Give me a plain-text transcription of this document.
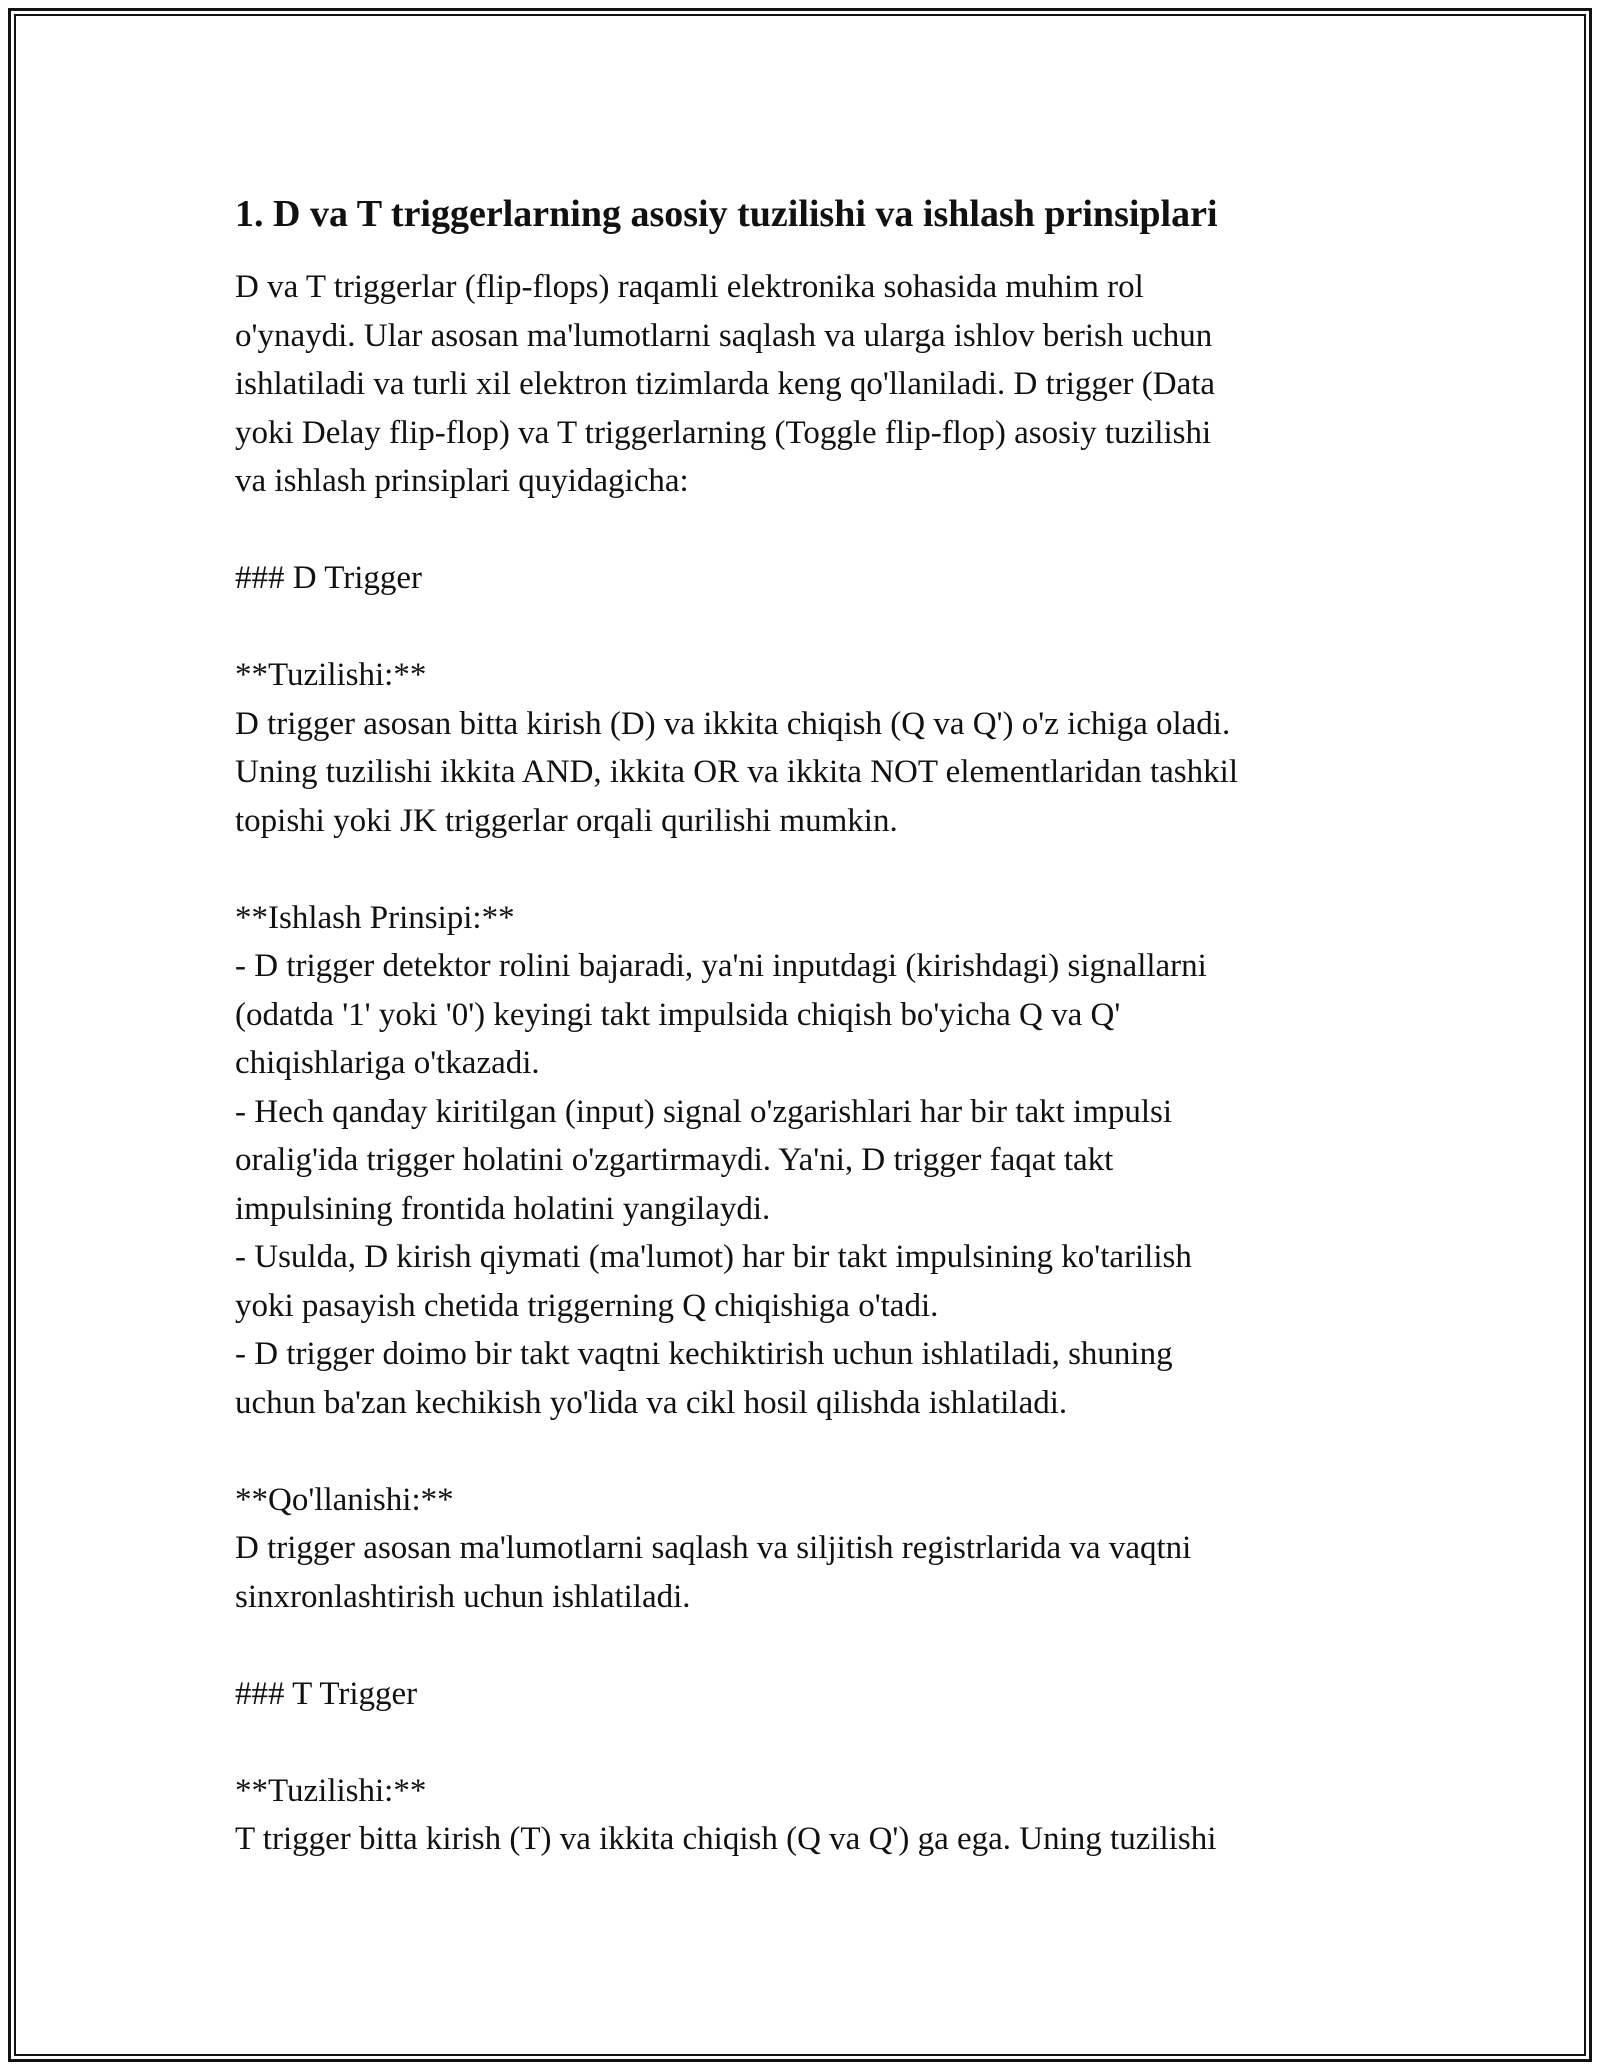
1. D va T triggerlarning asosiy tuzilishi va ishlash prinsiplari
D va T triggerlar (flip-flops) raqamli elektronika sohasida muhim rol
o'ynaydi. Ular asosan ma'lumotlarni saqlash va ularga ishlov berish uchun
ishlatiladi va turli xil elektron tizimlarda keng qo'llaniladi. D trigger (Data
yoki Delay flip-flop) va T triggerlarning (Toggle flip-flop) asosiy tuzilishi
va ishlash prinsiplari quyidagicha:
### D Trigger
**Tuzilishi:**
D trigger asosan bitta kirish (D) va ikkita chiqish (Q va Q') o'z ichiga oladi.
Uning tuzilishi ikkita AND, ikkita OR va ikkita NOT elementlaridan tashkil
topishi yoki JK triggerlar orqali qurilishi mumkin.
**Ishlash Prinsipi:**
- D trigger detektor rolini bajaradi, ya'ni inputdagi (kirishdagi) signallarni
(odatda '1' yoki '0') keyingi takt impulsida chiqish bo'yicha Q va Q'
chiqishlariga o'tkazadi.
- Hech qanday kiritilgan (input) signal o'zgarishlari har bir takt impulsi
oralig'ida trigger holatini o'zgartirmaydi. Ya'ni, D trigger faqat takt
impulsining frontida holatini yangilaydi.
- Usulda, D kirish qiymati (ma'lumot) har bir takt impulsining ko'tarilish
yoki pasayish chetida triggerning Q chiqishiga o'tadi.
- D trigger doimo bir takt vaqtni kechiktirish uchun ishlatiladi, shuning
uchun ba'zan kechikish yo'lida va cikl hosil qilishda ishlatiladi.
**Qo'llanishi:**
D trigger asosan ma'lumotlarni saqlash va siljitish registrlarida va vaqtni
sinxronlashtirish uchun ishlatiladi.
### T Trigger
**Tuzilishi:**
T trigger bitta kirish (T) va ikkita chiqish (Q va Q') ga ega. Uning tuzilishi
